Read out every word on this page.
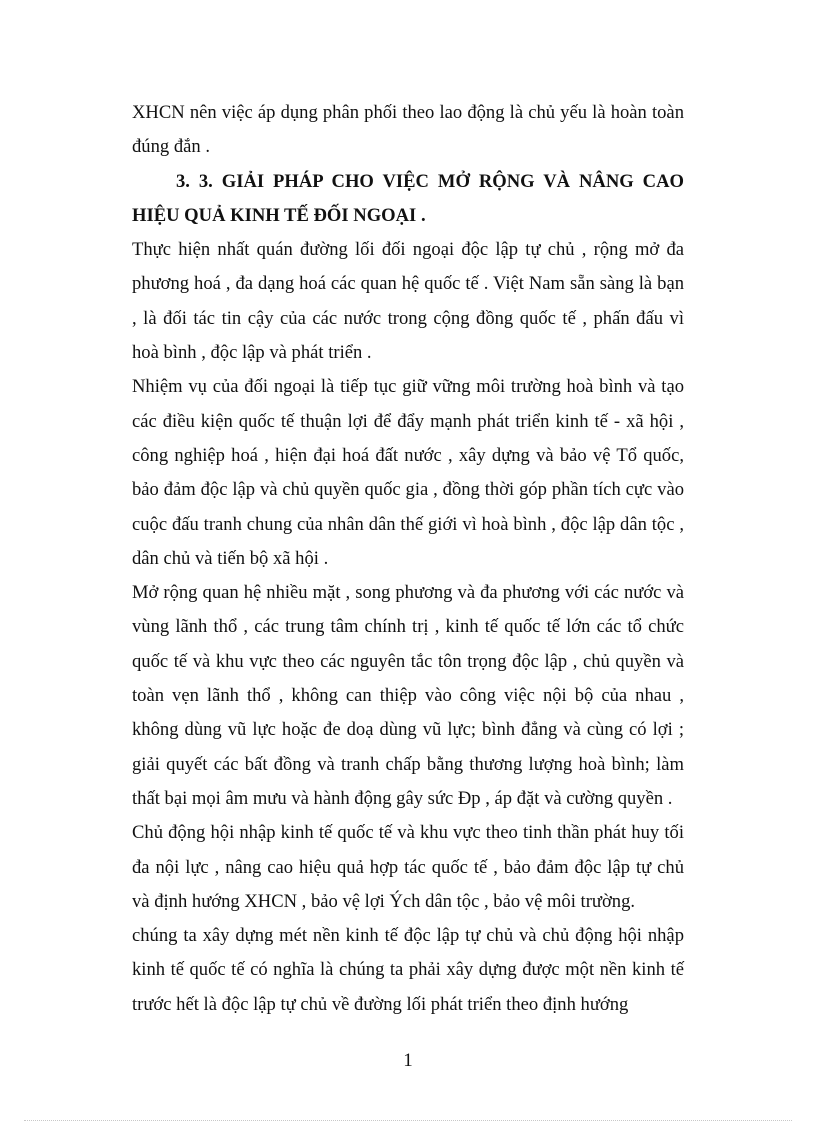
XHCN nên việc áp dụng phân phối theo lao động là chủ yếu là hoàn toàn
đúng đắn .
3. 3. GIẢI PHÁP CHO VIỆC MỞ RỘNG VÀ NÂNG CAO
HIỆU QUẢ KINH TẾ ĐỐI NGOẠI .
Thực hiện nhất quán đường lối đối ngoại độc lập tự chủ , rộng mở đa
phương hoá , đa dạng hoá các quan hệ quốc tế . Việt Nam sẵn sàng là bạn
, là đối tác tin cậy của các nước trong cộng đồng quốc tế , phấn đấu vì
hoà bình , độc lập và phát triển .
Nhiệm vụ của đối ngoại là tiếp tục giữ vững môi trường hoà bình và tạo
các điều kiện quốc tế thuận lợi để đẩy mạnh phát triển kinh tế - xã hội ,
công nghiệp hoá , hiện đại hoá đất nước , xây dựng và bảo vệ Tổ quốc,
bảo đảm độc lập và chủ quyền quốc gia , đồng thời góp phần tích cực vào
cuộc đấu tranh chung của nhân dân thế giới vì hoà bình , độc lập dân tộc ,
dân chủ và tiến bộ xã hội .
Mở rộng quan hệ nhiều mặt , song phương và đa phương với các nước và
vùng lãnh thổ , các trung tâm chính trị , kinh tế quốc tế lớn các tổ chức
quốc tế và khu vực theo các nguyên tắc tôn trọng độc lập , chủ quyền và
toàn vẹn lãnh thổ , không can thiệp vào công việc nội bộ của nhau ,
không dùng vũ lực hoặc đe doạ dùng vũ lực; bình đẳng và cùng có lợi ;
giải quyết các bất đồng và tranh chấp bằng thương lượng hoà bình; làm
thất bại mọi âm mưu và hành động gây sức Ðp , áp đặt và cường quyền .
Chủ động hội nhập kinh tế quốc tế và khu vực theo tinh thần phát huy tối
đa nội lực , nâng cao hiệu quả hợp tác quốc tế , bảo đảm độc lập tự chủ
và định hướng XHCN , bảo vệ lợi Ých dân tộc , bảo vệ môi trường.
chúng ta xây dựng mét nền kinh tế độc lập tự chủ và chủ động hội nhập
kinh tế quốc tế có nghĩa là chúng ta phải xây dựng được một nền kinh tế
trước hết là độc lập tự chủ về đường lối phát triển theo định hướng
1
